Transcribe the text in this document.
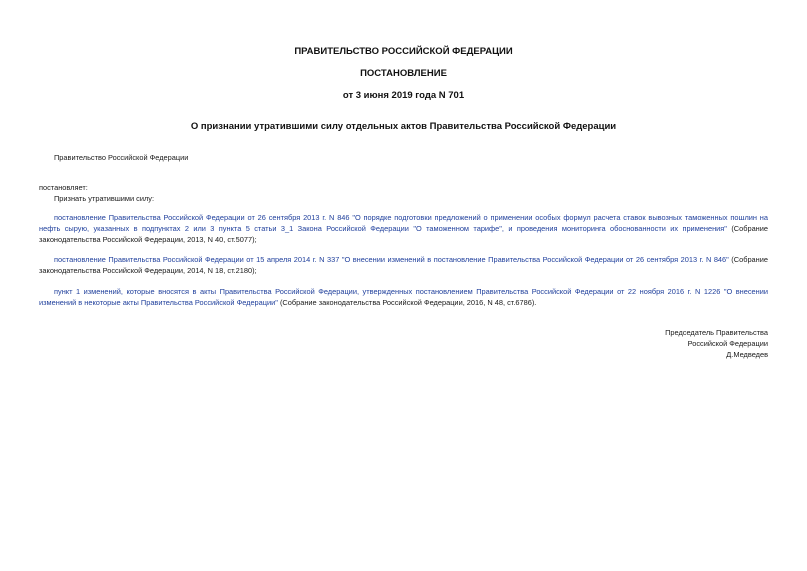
ПРАВИТЕЛЬСТВО РОССИЙСКОЙ ФЕДЕРАЦИИ
ПОСТАНОВЛЕНИЕ
от 3 июня 2019 года N 701
О признании утратившими силу отдельных актов Правительства Российской Федерации
Правительство Российской Федерации
постановляет:
Признать утратившими силу:
постановление Правительства Российской Федерации от 26 сентября 2013 г. N 846 "О порядке подготовки предложений о применении особых формул расчета ставок вывозных таможенных пошлин на нефть сырую, указанных в подпунктах 2 или 3 пункта 5 статьи 3_1 Закона Российской Федерации "О таможенном тарифе", и проведения мониторинга обоснованности их применения" (Собрание законодательства Российской Федерации, 2013, N 40, ст.5077);
постановление Правительства Российской Федерации от 15 апреля 2014 г. N 337 "О внесении изменений в постановление Правительства Российской Федерации от 26 сентября 2013 г. N 846" (Собрание законодательства Российской Федерации, 2014, N 18, ст.2180);
пункт 1 изменений, которые вносятся в акты Правительства Российской Федерации, утвержденных постановлением Правительства Российской Федерации от 22 ноября 2016 г. N 1226 "О внесении изменений в некоторые акты Правительства Российской Федерации" (Собрание законодательства Российской Федерации, 2016, N 48, ст.6786).
Председатель Правительства
Российской Федерации
Д.Медведев
